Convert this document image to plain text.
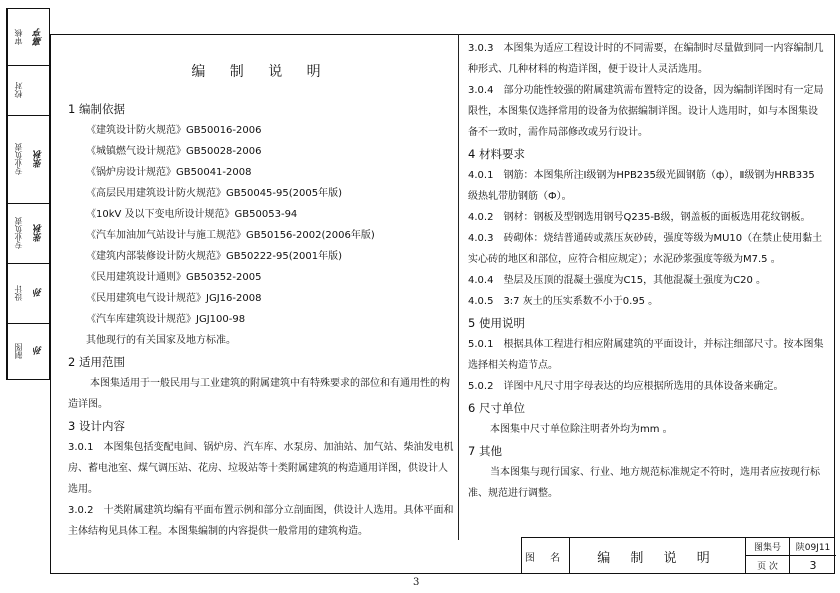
审核	嘉亨
校对
专业负责	张秋
专业负责	张秋
设计	孙
制图	孙
编 制 说 明
1 编制依据
《建筑设计防火规范》GB50016-2006
《城镇燃气设计规范》GB50028-2006
《锅炉房设计规范》GB50041-2008
《高层民用建筑设计防火规范》GB50045-95(2005年版)
《10kV 及以下变电所设计规范》GB50053-94
《汽车加油加气站设计与施工规范》GB50156-2002(2006年版)
《建筑内部装修设计防火规范》GB50222-95(2001年版)
《民用建筑设计通则》GB50352-2005
《民用建筑电气设计规范》JGJ16-2008
《汽车库建筑设计规范》JGJ100-98
其他现行的有关国家及地方标准。
2 适用范围
本图集适用于一般民用与工业建筑的附属建筑中有特殊要求的部位和有通用性的构造详图。
3 设计内容
3.0.1　本图集包括变配电间、锅炉房、汽车库、水泵房、加油站、加气站、柴油发电机房、蓄电池室、煤气调压站、花房、垃圾站等十类附属建筑的构造通用详图，供设计人选用。
3.0.2　十类附属建筑均编有平面布置示例和部分立剖面图，供设计人选用。具体平面和主体结构见具体工程。本图集编制的内容提供一般常用的建筑构造。
3.0.3　本图集为适应工程设计时的不同需要，在编制时尽量做到同一内容编制几种形式、几种材料的构造详图，便于设计人灵活选用。
3.0.4　部分功能性较强的附属建筑需布置特定的设备，因为编制详图时有一定局限性，本图集仅选择常用的设备为依据编制详图。设计人选用时，如与本图集设备不一致时，需作局部修改或另行设计。
4 材料要求
4.0.1　钢筋：本图集所注Ⅰ级钢为HPB235级光圆钢筋（ф），Ⅱ级钢为HRB335级热轧带肋钢筋（Ф）。
4.0.2　钢材：钢板及型钢选用钢号Q235-B级，钢盖板的面板选用花纹钢板。
4.0.3　砖砌体：烧结普通砖或蒸压灰砂砖，强度等级为MU10（在禁止使用黏土实心砖的地区和部位，应符合相应规定）；水泥砂浆强度等级为M7.5 。
4.0.4　垫层及压顶的混凝土强度为C15，其他混凝土强度为C20 。
4.0.5　3:7 灰土的压实系数不小于0.95 。
5 使用说明
5.0.1　根据具体工程进行相应附属建筑的平面设计，并标注细部尺寸。按本图集选择相关构造节点。
5.0.2　详图中凡尺寸用字母表达的均应根据所选用的具体设备来确定。
6 尺寸单位
本图集中尺寸单位除注明者外均为mm 。
7 其他
当本图集与现行国家、行业、地方规范标准规定不符时，选用者应按现行标准、规范进行调整。
图 名	编 制 说 明
图集号	陕09J11
页 次	3
3
